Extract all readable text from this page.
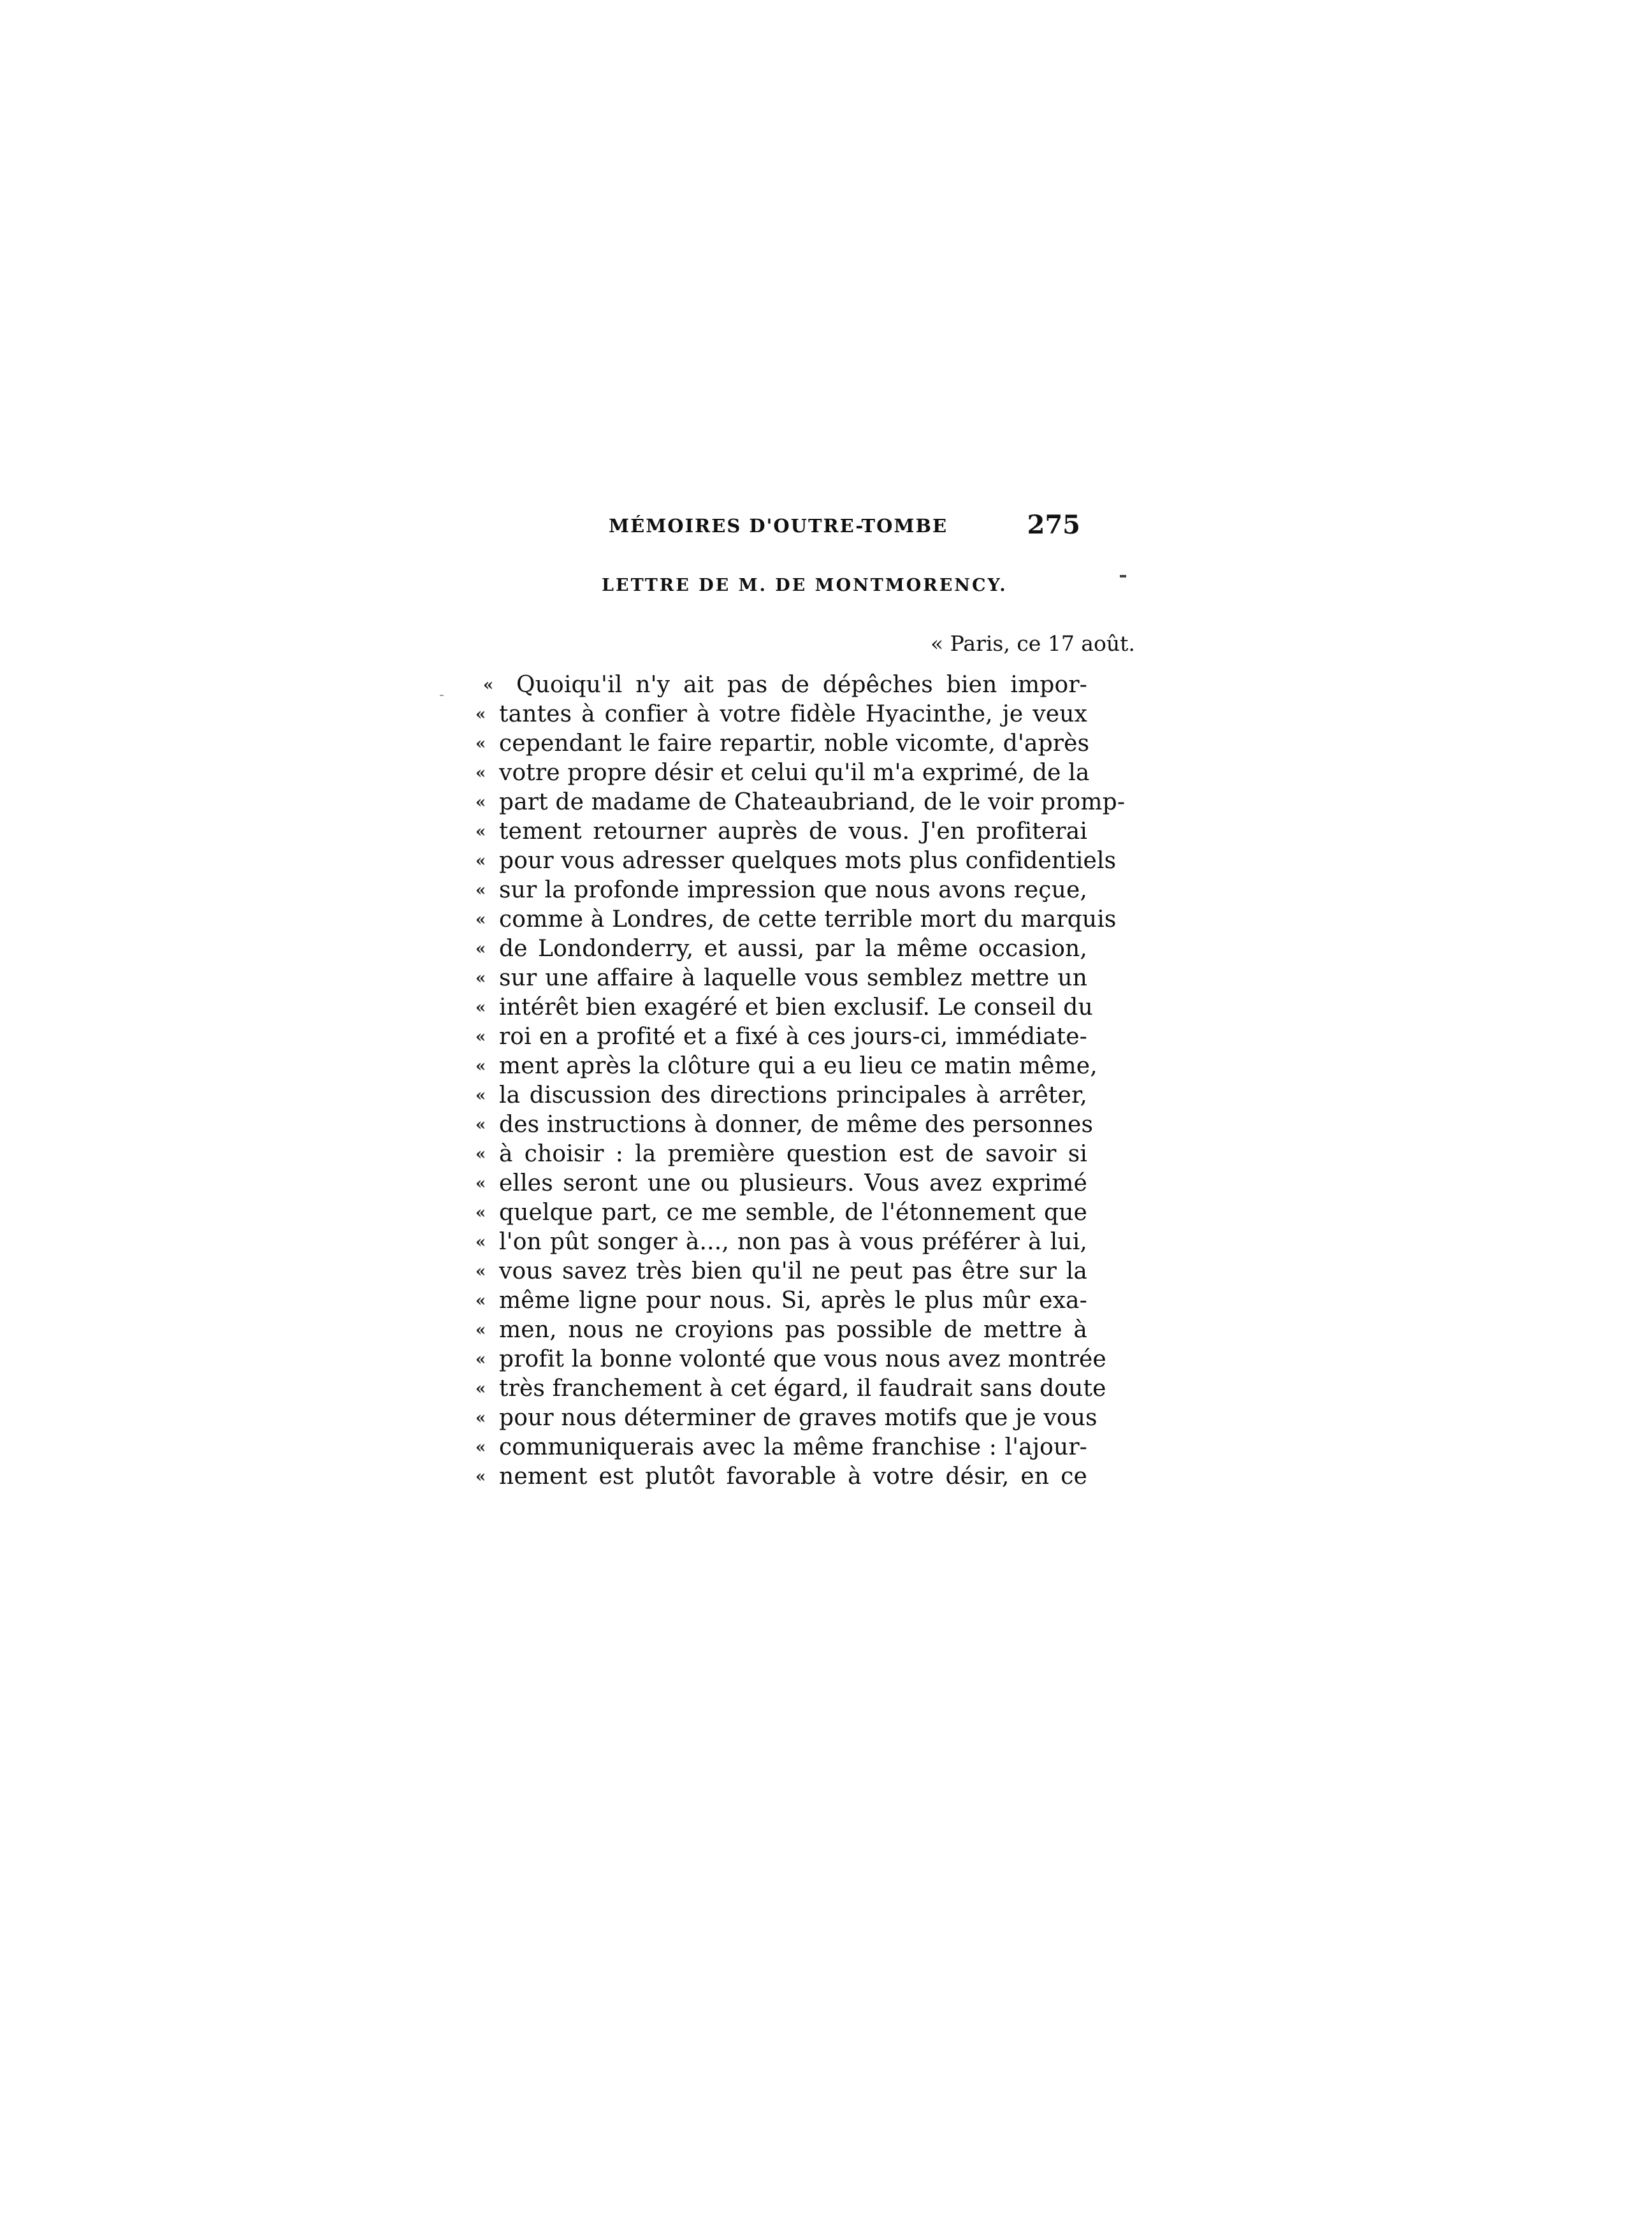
MÉMOIRES D'OUTRE-TOMBE	275
LETTRE DE M. DE MONTMORENCY.
« Paris, ce 17 août.
« Quoiqu'il n'y ait pas de dépêches bien impor-
« tantes à confier à votre fidèle Hyacinthe, je veux
« cependant le faire repartir, noble vicomte, d'après
« votre propre désir et celui qu'il m'a exprimé, de la
« part de madame de Chateaubriand, de le voir promp-
« tement retourner auprès de vous. J'en profiterai
« pour vous adresser quelques mots plus confidentiels
« sur la profonde impression que nous avons reçue,
« comme à Londres, de cette terrible mort du marquis
« de Londonderry, et aussi, par la même occasion,
« sur une affaire à laquelle vous semblez mettre un
« intérêt bien exagéré et bien exclusif. Le conseil du
« roi en a profité et a fixé à ces jours-ci, immédiate-
« ment après la clôture qui a eu lieu ce matin même,
« la discussion des directions principales à arrêter,
« des instructions à donner, de même des personnes
« à choisir : la première question est de savoir si
« elles seront une ou plusieurs. Vous avez exprimé
« quelque part, ce me semble, de l'étonnement que
« l'on pût songer à..., non pas à vous préférer à lui,
« vous savez très bien qu'il ne peut pas être sur la
« même ligne pour nous. Si, après le plus mûr exa-
« men, nous ne croyions pas possible de mettre à
« profit la bonne volonté que vous nous avez montrée
« très franchement à cet égard, il faudrait sans doute
« pour nous déterminer de graves motifs que je vous
« communiquerais avec la même franchise : l'ajour-
« nement est plutôt favorable à votre désir, en ce
